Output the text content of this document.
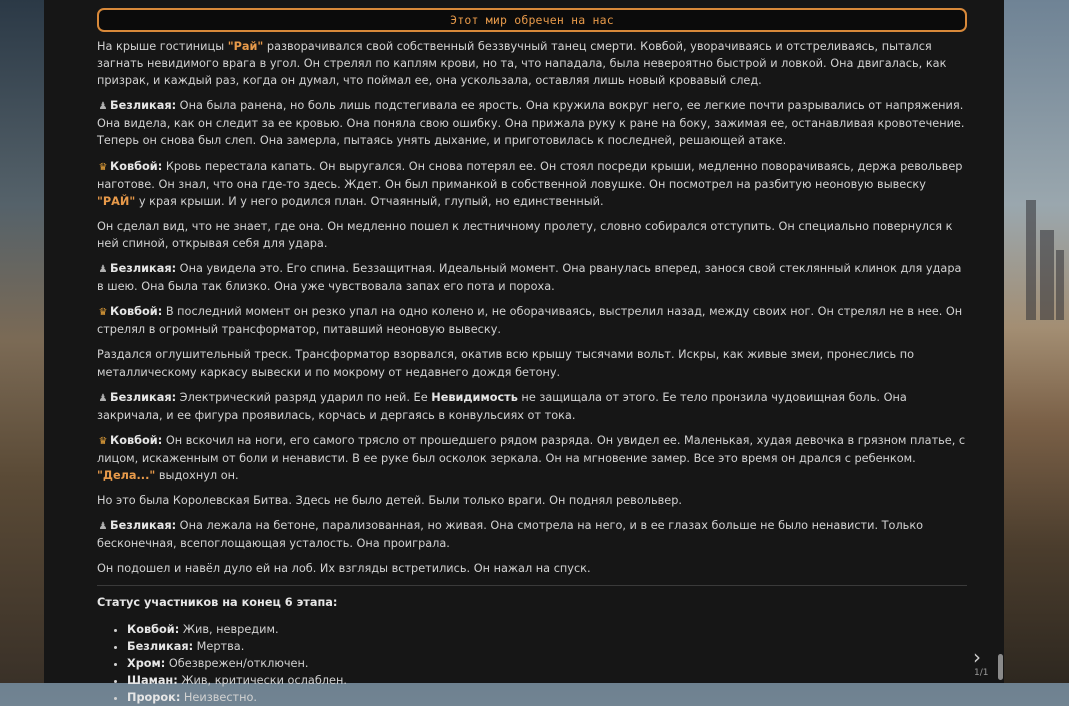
Этот мир обречен на нас

На крыше гостиницы "Рай" разворачивался свой собственный беззвучный танец смерти. Ковбой, уворачиваясь и отстреливаясь, пытался загнать невидимого врага в угол. Он стрелял по каплям крови, но та, что нападала, была невероятно быстрой и ловкой. Она двигалась, как призрак, и каждый раз, когда он думал, что поймал ее, она ускользала, оставляя лишь новый кровавый след.

♟ Безликая: Она была ранена, но боль лишь подстегивала ее ярость. Она кружила вокруг него, ее легкие почти разрывались от напряжения. Она видела, как он следит за ее кровью. Она поняла свою ошибку. Она прижала руку к ране на боку, зажимая ее, останавливая кровотечение. Теперь он снова был слеп. Она замерла, пытаясь унять дыхание, и приготовилась к последней, решающей атаке.

♛ Ковбой: Кровь перестала капать. Он выругался. Он снова потерял ее. Он стоял посреди крыши, медленно поворачиваясь, держа револьвер наготове. Он знал, что она где-то здесь. Ждет. Он был приманкой в собственной ловушке. Он посмотрел на разбитую неоновую вывеску "РАЙ" у края крыши. И у него родился план. Отчаянный, глупый, но единственный.

Он сделал вид, что не знает, где она. Он медленно пошел к лестничному пролету, словно собирался отступить. Он специально повернулся к ней спиной, открывая себя для удара.

♟ Безликая: Она увидела это. Его спина. Беззащитная. Идеальный момент. Она рванулась вперед, занося свой стеклянный клинок для удара в шею. Она была так близко. Она уже чувствовала запах его пота и пороха.

♛ Ковбой: В последний момент он резко упал на одно колено и, не оборачиваясь, выстрелил назад, между своих ног. Он стрелял не в нее. Он стрелял в огромный трансформатор, питавший неоновую вывеску.

Раздался оглушительный треск. Трансформатор взорвался, окатив всю крышу тысячами вольт. Искры, как живые змеи, пронеслись по металлическому каркасу вывески и по мокрому от недавнего дождя бетону.

♟ Безликая: Электрический разряд ударил по ней. Ее Невидимость не защищала от этого. Ее тело пронзила чудовищная боль. Она закричала, и ее фигура проявилась, корчась и дергаясь в конвульсиях от тока.

♛ Ковбой: Он вскочил на ноги, его самого трясло от прошедшего рядом разряда. Он увидел ее. Маленькая, худая девочка в грязном платье, с лицом, искаженным от боли и ненависти. В ее руке был осколок зеркала. Он на мгновение замер. Все это время он дрался с ребенком. "Дела..." выдохнул он.

Но это была Королевская Битва. Здесь не было детей. Были только враги. Он поднял револьвер.

♟ Безликая: Она лежала на бетоне, парализованная, но живая. Она смотрела на него, и в ее глазах больше не было ненависти. Только бесконечная, всепоглощающая усталость. Она проиграла.

Он подошел и навёл дуло ей на лоб. Их взгляды встретились. Он нажал на спуск.

Статус участников на конец 6 этапа:
• Ковбой: Жив, невредим.
• Безликая: Мертва.
• Хром: Обезврежен/отключен.
• Шаман: Жив, критически ослаблен.
• Пророк: Неизвестно.
›
1/1
